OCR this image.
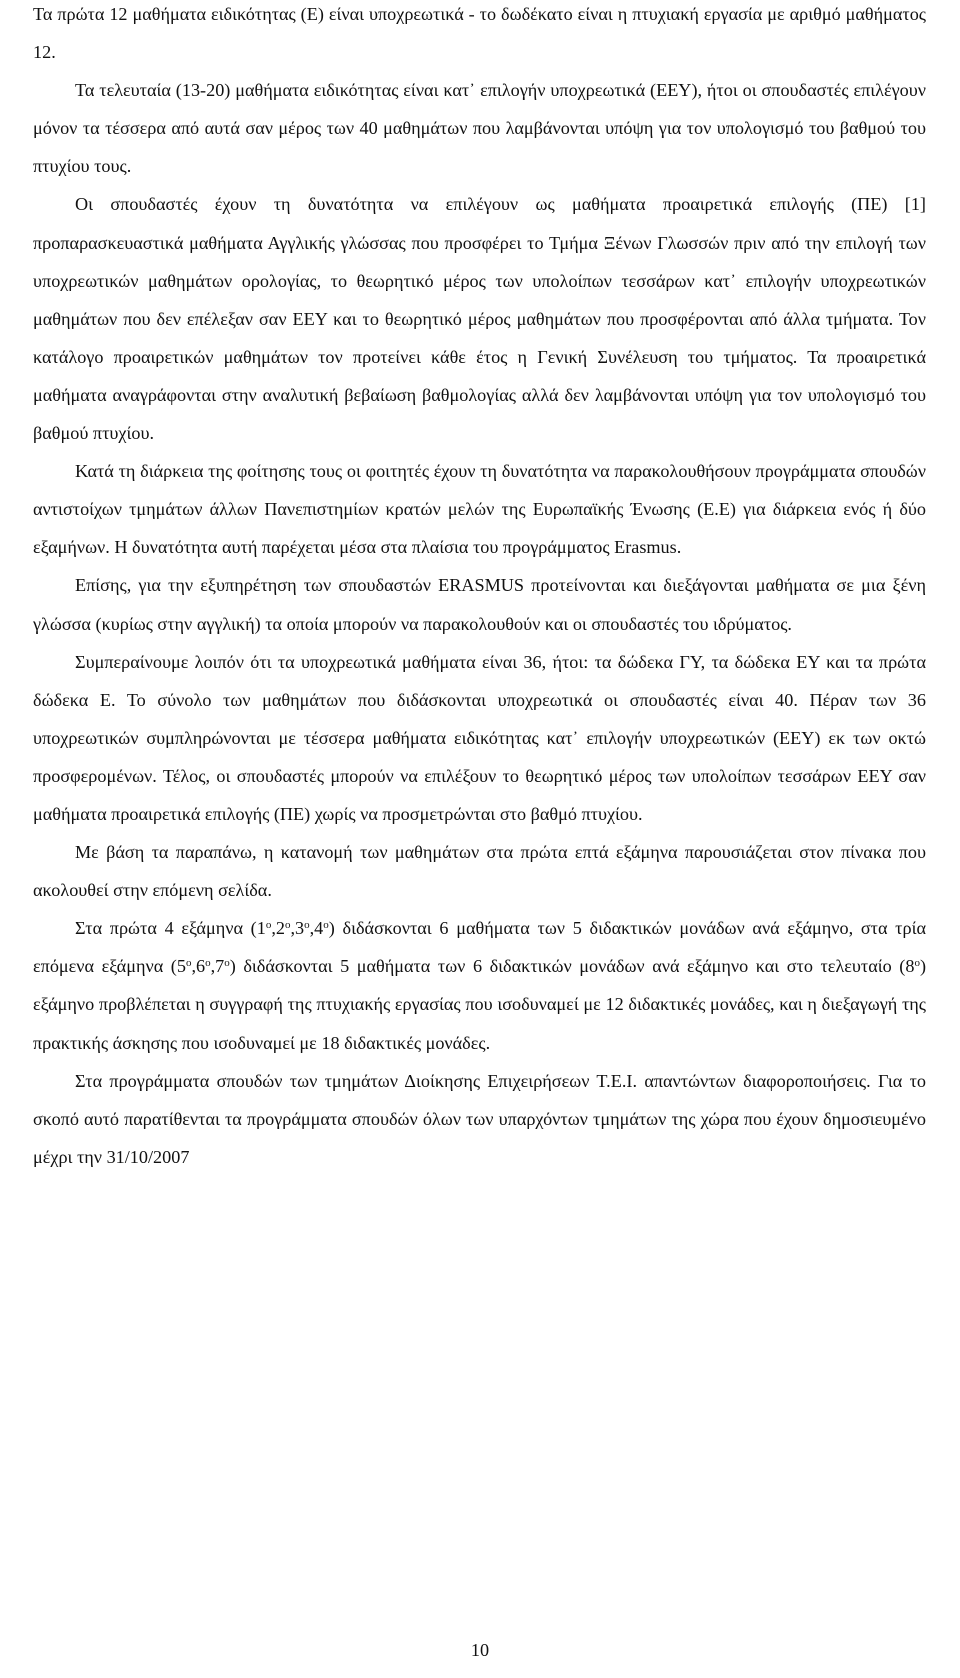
Τα πρώτα 12 μαθήματα ειδικότητας (Ε) είναι υποχρεωτικά - το δωδέκατο είναι η πτυχιακή εργασία με αριθμό μαθήματος 12.

Τα τελευταία (13-20) μαθήματα ειδικότητας είναι κατ᾽ επιλογήν υποχρεωτικά (ΕΕΥ), ήτοι οι σπουδαστές επιλέγουν μόνον τα τέσσερα από αυτά σαν μέρος των 40 μαθημάτων που λαμβάνονται υπόψη για τον υπολογισμό του βαθμού του πτυχίου τους.

Οι σπουδαστές έχουν τη δυνατότητα να επιλέγουν ως μαθήματα προαιρετικά επιλογής (ΠΕ) [1] προπαρασκευαστικά μαθήματα Αγγλικής γλώσσας που προσφέρει το Τμήμα Ξένων Γλωσσών πριν από την επιλογή των υποχρεωτικών μαθημάτων ορολογίας, το θεωρητικό μέρος των υπολοίπων τεσσάρων κατ᾽ επιλογήν υποχρεωτικών μαθημάτων που δεν επέλεξαν σαν ΕΕΥ και το θεωρητικό μέρος μαθημάτων που προσφέρονται από άλλα τμήματα. Τον κατάλογο προαιρετικών μαθημάτων τον προτείνει κάθε έτος η Γενική Συνέλευση του τμήματος. Τα προαιρετικά μαθήματα αναγράφονται στην αναλυτική βεβαίωση βαθμολογίας αλλά δεν λαμβάνονται υπόψη για τον υπολογισμό του βαθμού πτυχίου.

Κατά τη διάρκεια της φοίτησης τους οι φοιτητές έχουν τη δυνατότητα να παρακολουθήσουν προγράμματα σπουδών αντιστοίχων τμημάτων άλλων Πανεπιστημίων κρατών μελών της Ευρωπαϊκής Ένωσης (Ε.Ε) για διάρκεια ενός ή δύο εξαμήνων. Η δυνατότητα αυτή παρέχεται μέσα στα πλαίσια του προγράμματος Erasmus.

Επίσης, για την εξυπηρέτηση των σπουδαστών ERASMUS προτείνονται και διεξάγονται μαθήματα σε μια ξένη γλώσσα (κυρίως στην αγγλική) τα οποία μπορούν να παρακολουθούν και οι σπουδαστές του ιδρύματος.

Συμπεραίνουμε λοιπόν ότι τα υποχρεωτικά μαθήματα είναι 36, ήτοι: τα δώδεκα ΓΥ, τα δώδεκα ΕΥ και τα πρώτα δώδεκα Ε. Το σύνολο των μαθημάτων που διδάσκονται υποχρεωτικά οι σπουδαστές είναι 40. Πέραν των 36 υποχρεωτικών συμπληρώνονται με τέσσερα μαθήματα ειδικότητας κατ᾽ επιλογήν υποχρεωτικών (ΕΕΥ) εκ των οκτώ προσφερομένων. Τέλος, οι σπουδαστές μπορούν να επιλέξουν το θεωρητικό μέρος των υπολοίπων τεσσάρων ΕΕΥ σαν μαθήματα προαιρετικά επιλογής (ΠΕ) χωρίς να προσμετρώνται στο βαθμό πτυχίου.

Με βάση τα παραπάνω, η κατανομή των μαθημάτων στα πρώτα επτά εξάμηνα παρουσιάζεται στον πίνακα που ακολουθεί στην επόμενη σελίδα.

Στα πρώτα 4 εξάμηνα $(1^o,2^o,3^o,4^o)$ διδάσκονται 6 μαθήματα των 5 διδακτικών μονάδων ανά εξάμηνο, στα τρία επόμενα εξάμηνα $(5^o,6^o,7^o)$ διδάσκονται 5 μαθήματα των 6 διδακτικών μονάδων ανά εξάμηνο και στο τελευταίο $(8^o)$ εξάμηνο προβλέπεται η συγγραφή της πτυχιακής εργασίας που ισοδυναμεί με 12 διδακτικές μονάδες, και η διεξαγωγή της πρακτικής άσκησης που ισοδυναμεί με 18 διδακτικές μονάδες.

Στα προγράμματα σπουδών των τμημάτων Διοίκησης Επιχειρήσεων Τ.Ε.Ι. απαντώντων διαφοροποιήσεις. Για το σκοπό αυτό παρατίθενται τα προγράμματα σπουδών όλων των υπαρχόντων τμημάτων της χώρα που έχουν δημοσιευμένο μέχρι την 31/10/2007

10
